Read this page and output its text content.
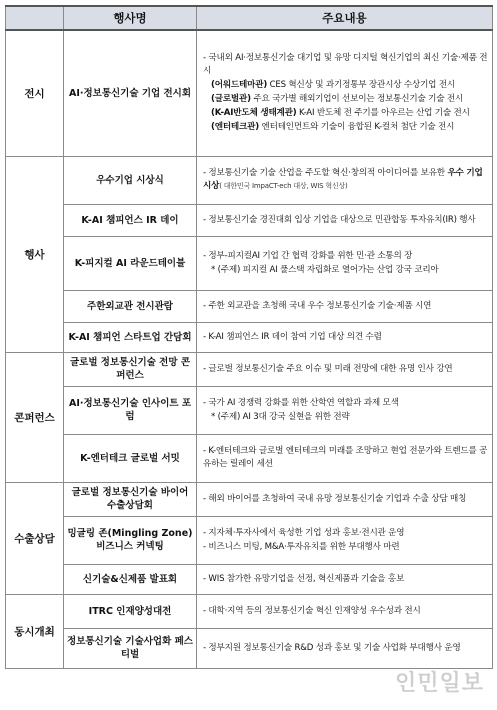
	행사명	주요내용
전시	AI·정보통신기술 기업 전시회	- 국내외 AI·정보통신기술 대기업 및 유망 디지털 혁신기업의 최신 기술·제품 전시
(어워드테마관) CES 혁신상 및 과기정통부 장관시상 수상기업 전시
(글로벌관) 주요 국가별 해외기업이 선보이는 정보통신기술 기술 전시
(K-AI반도체 생태계관) K-AI 반도체 전 주기를 아우르는 산업 기술 전시
(엔터테크관) 엔터테인먼트와 기술이 융합된 K-컬처 첨단 기술 전시

행사	우수기업 시상식	- 정보통신기술 기술 산업을 주도할 혁신·창의적 아이디어를 보유한 우수 기업 시상( 대한민국 ImpaCT-ech 대상, WIS 혁신상)

	K-AI 챔피언스 IR 데이	- 정보통신기술 경진대회 입상 기업을 대상으로 민관합동 투자유치(IR) 행사

	K-피지컬 AI 라운드테이블	- 정부-피지컬AI 기업 간 협력 강화를 위한 민·관 소통의 장
* (주제) 피지컬 AI 풀스택 자립화로 열어가는 산업 강국 코리아

	주한외교관 전시관람	- 주한 외교관을 초청해 국내 우수 정보통신기술 기술·제품 시연

	K-AI 챔피언 스타트업 간담회	- K-AI 챔피언스 IR 데이 참여 기업 대상 의견 수렴

콘퍼런스	글로벌 정보통신기술 전망 콘퍼런스	- 글로벌 정보통신기술 주요 이슈 및 미래 전망에 대한 유명 인사 강연

	AI·정보통신기술 인사이트 포럼	- 국가 AI 경쟁력 강화를 위한 산학연 역할과 과제 모색
* (주제) AI 3대 강국 실현을 위한 전략

	K-엔터테크 글로벌 서밋	- K-엔터테크와 글로벌 엔터테크의 미래를 조망하고 현업 전문가와 트렌드를 공유하는 릴레이 세션

수출상담	글로벌 정보통신기술 바이어 수출상담회	- 해외 바이어를 초청하여 국내 유망 정보통신기술 기업과 수출 상담 매칭

	밍글링 존(Mingling Zone) 비즈니스 커넥팅	- 지자체·투자사에서 육성한 기업 성과 홍보·전시관 운영
- 비즈니스 미팅, M&A·투자유치를 위한 부대행사 마련

	신기술&신제품 발표회	- WIS 참가한 유망기업을 선정, 혁신제품과 기술을 홍보

동시개최	ITRC 인재양성대전	- 대학·지역 등의 정보통신기술 혁신 인재양성 우수성과 전시

	정보통신기술 기술사업화 페스티벌	- 정부지원 정보통신기술 R&D 성과 홍보 및 기술 사업화 부대행사 운영
인민일보
